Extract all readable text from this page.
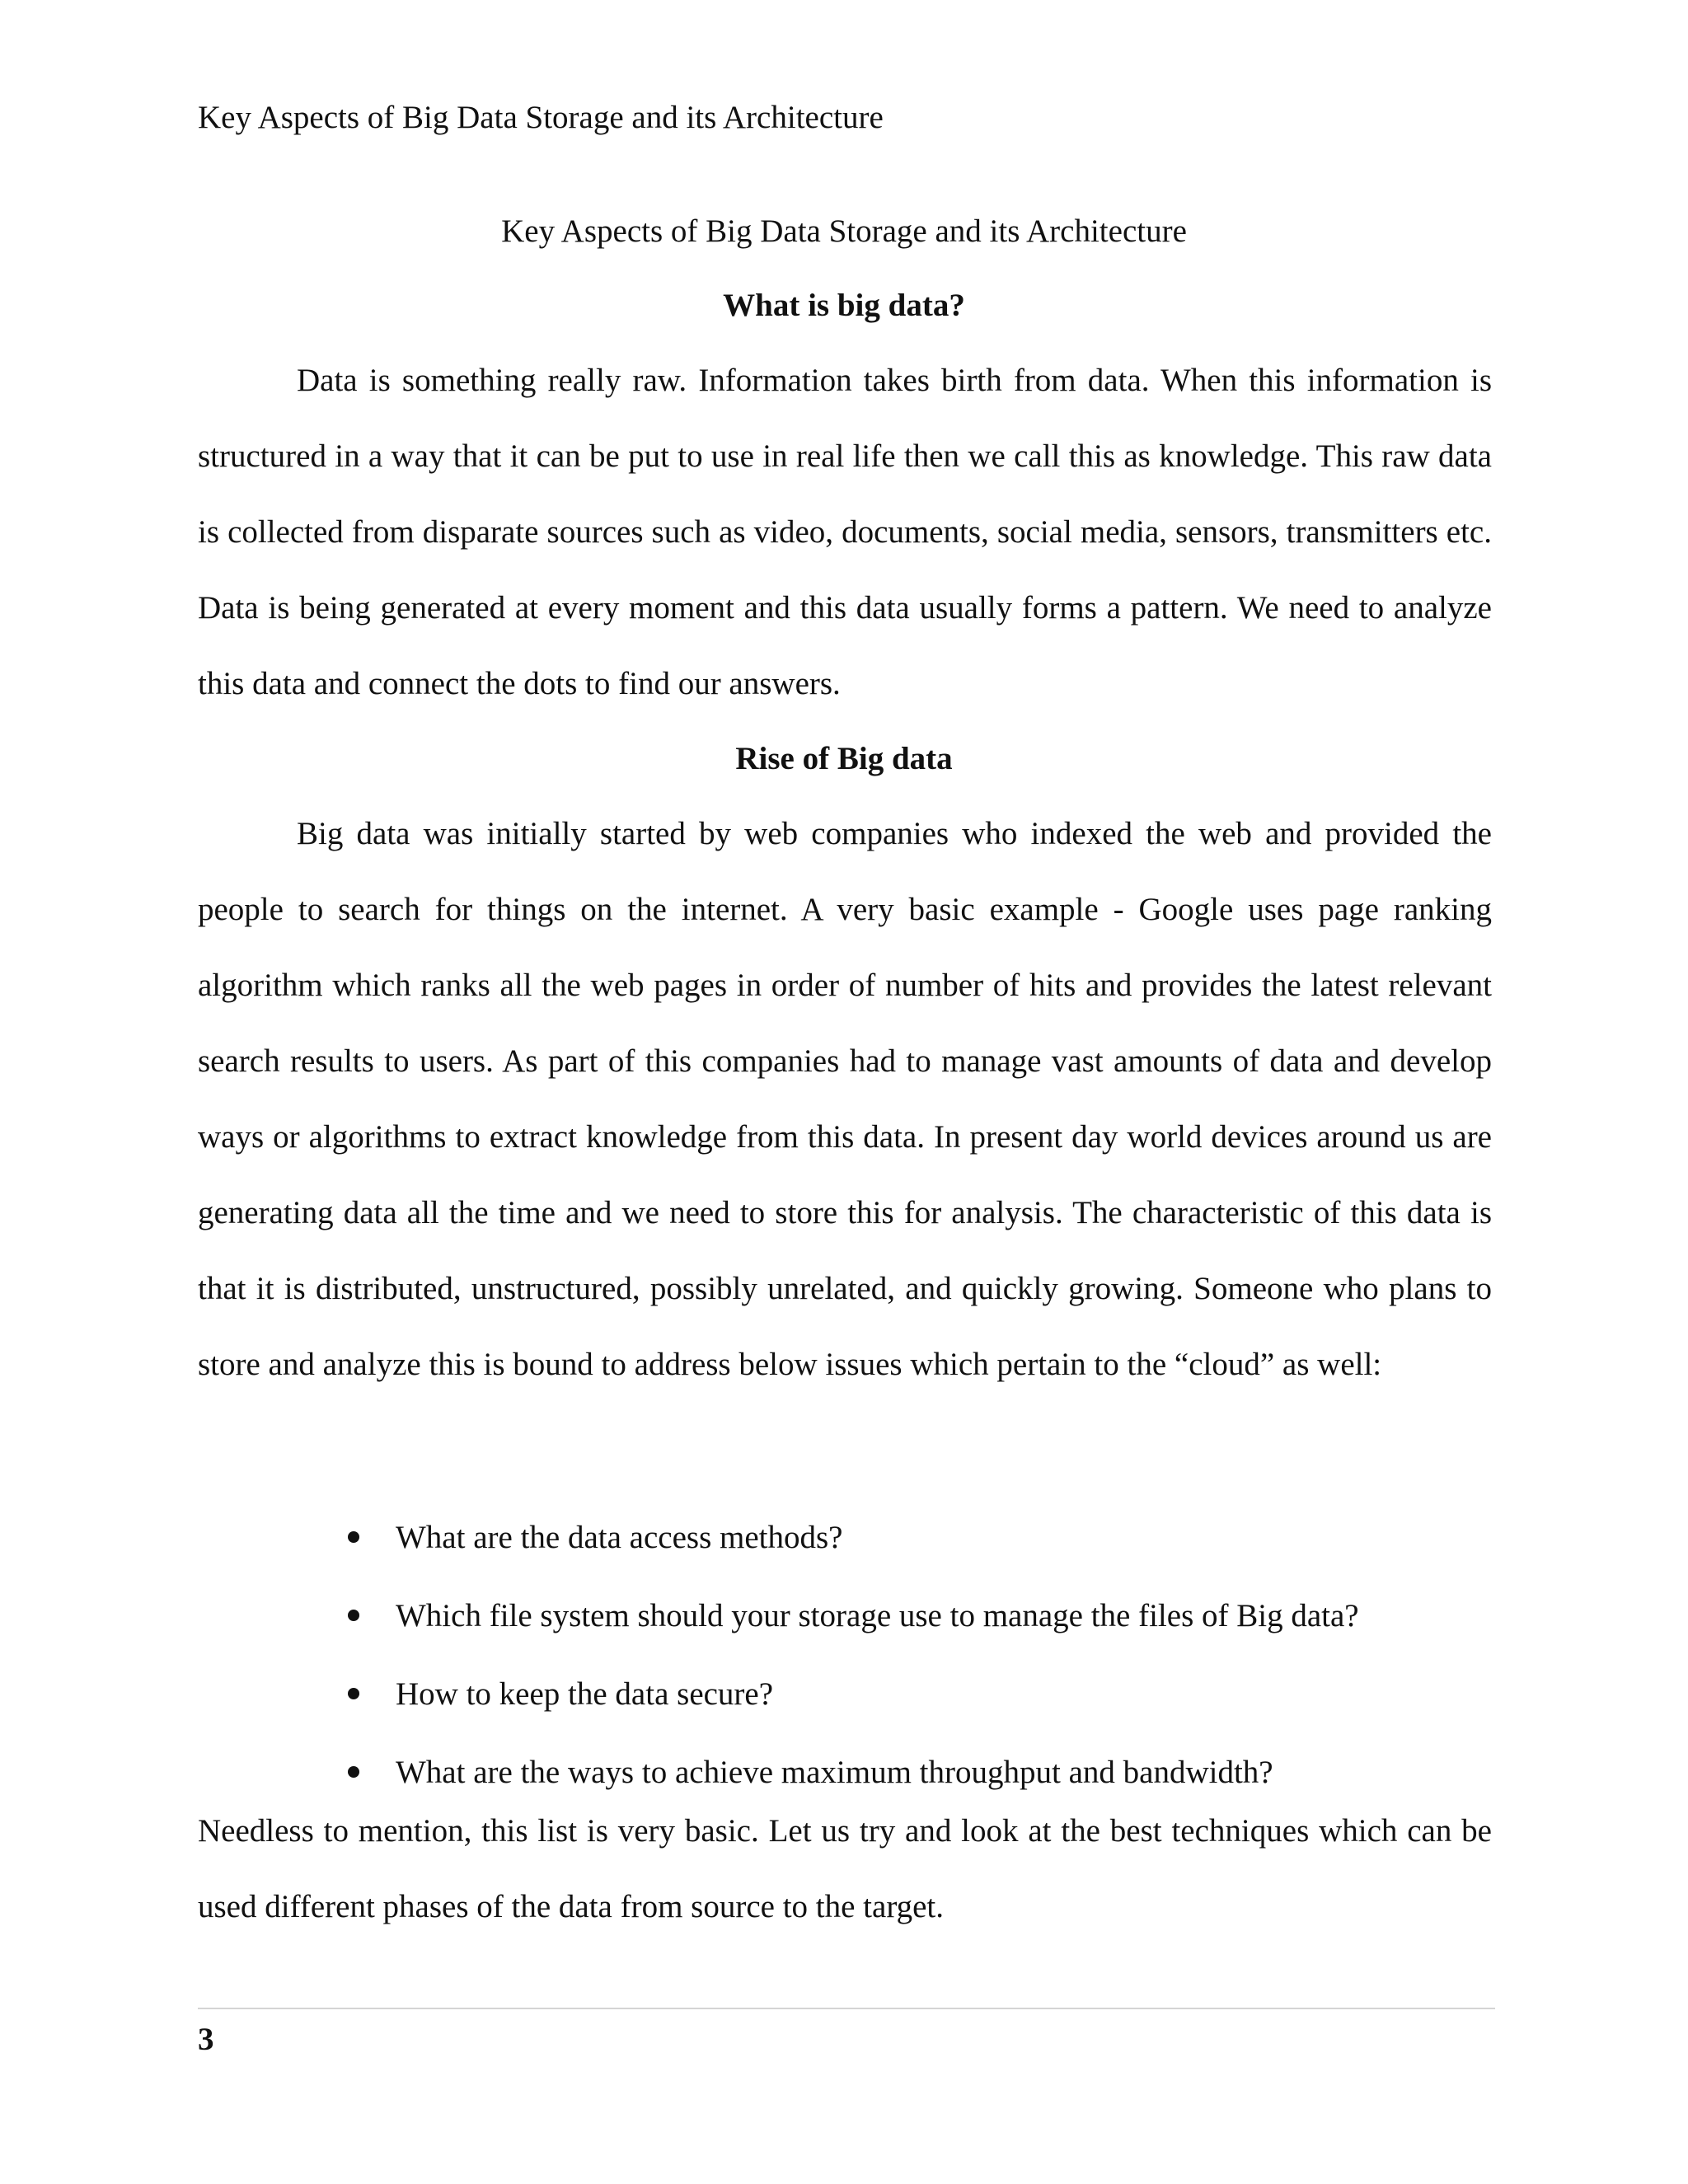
Key Aspects of Big Data Storage and its Architecture
Key Aspects of Big Data Storage and its Architecture
What is big data?

Data is something really raw. Information takes birth from data. When this information is structured in a way that it can be put to use in real life then we call this as knowledge. This raw data is collected from disparate sources such as video, documents, social media, sensors, transmitters etc. Data is being generated at every moment and this data usually forms a pattern. We need to analyze this data and connect the dots to find our answers.

Rise of Big data

Big data was initially started by web companies who indexed the web and provided the people to search for things on the internet. A very basic example - Google uses page ranking algorithm which ranks all the web pages in order of number of hits and provides the latest relevant search results to users. As part of this companies had to manage vast amounts of data and develop ways or algorithms to extract knowledge from this data. In present day world devices around us are generating data all the time and we need to store this for analysis. The characteristic of this data is that it is distributed, unstructured, possibly unrelated, and quickly growing. Someone who plans to store and analyze this is bound to address below issues which pertain to the “cloud” as well:

What are the data access methods?
Which file system should your storage use to manage the files of Big data?
How to keep the data secure?
What are the ways to achieve maximum throughput and bandwidth?

Needless to mention, this list is very basic. Let us try and look at the best techniques which can be used different phases of the data from source to the target.

3
